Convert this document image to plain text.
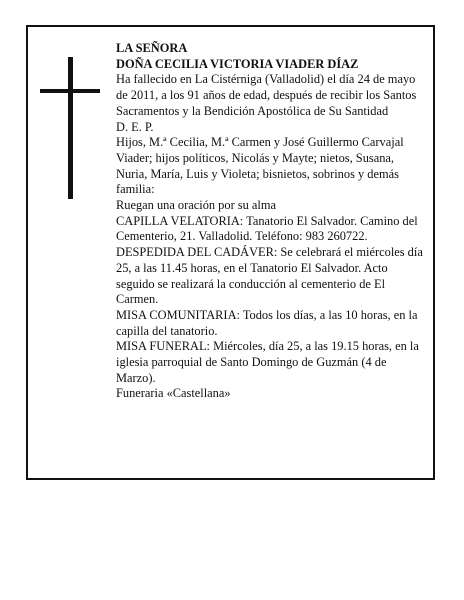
LA SEÑORA

DOÑA CECILIA VICTORIA VIADER DÍAZ

Ha fallecido en La Cistérniga (Valladolid) el día 24 de mayo de 2011, a los 91 años de edad, después de recibir los Santos Sacramentos y la Bendición Apostólica de Su Santidad

D. E. P.

Hijos, M.ª Cecilia, M.ª Carmen y José Guillermo Carvajal Viader; hijos políticos, Nicolás y Mayte; nietos, Susana, Nuria, María, Luis y Violeta; bisnietos, sobrinos y demás familia:

Ruegan una oración por su alma

CAPILLA VELATORIA: Tanatorio El Salvador. Camino del Cementerio, 21. Valladolid. Teléfono: 983 260722.

DESPEDIDA DEL CADÁVER: Se celebrará el miércoles día 25, a las 11.45 horas, en el Tanatorio El Salvador. Acto seguido se realizará la conducción al cementerio de El Carmen.

MISA COMUNITARIA: Todos los días, a las 10 horas, en la capilla del tanatorio.

MISA FUNERAL: Miércoles, día 25, a las 19.15 horas, en la iglesia parroquial de Santo Domingo de Guzmán (4 de Marzo).

Funeraria «Castellana»
